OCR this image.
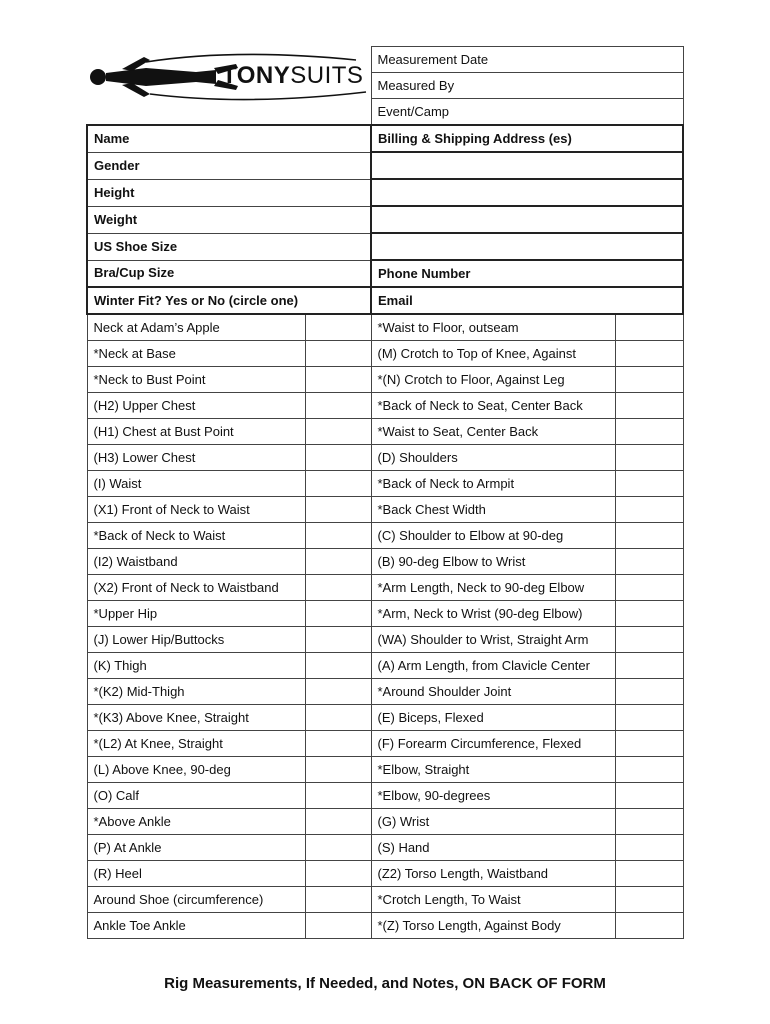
TONYSUITS
		Measurement Date	
		Measured By	
		Event/Camp	
Name		Billing & Shipping Address (es)	
Gender			
Height			
Weight			
US Shoe Size			
Bra/Cup Size		Phone Number	
Winter Fit? Yes or No (circle one)		Email	
Neck at Adam’s Apple		*Waist to Floor, outseam	
*Neck at Base		(M) Crotch to Top of Knee, Against	
*Neck to Bust Point		*(N) Crotch to Floor, Against Leg	
(H2) Upper Chest		*Back of Neck to Seat, Center Back	
(H1) Chest at Bust Point		*Waist to Seat, Center Back	
(H3) Lower Chest		(D) Shoulders	
(I) Waist		*Back of Neck to Armpit	
(X1) Front of Neck to Waist		*Back Chest Width	
*Back of Neck to Waist		(C) Shoulder to Elbow at 90-deg	
(I2) Waistband		(B) 90-deg Elbow to Wrist	
(X2) Front of Neck to Waistband		*Arm Length, Neck to 90-deg Elbow	
*Upper Hip		*Arm, Neck to Wrist (90-deg Elbow)	
(J) Lower Hip/Buttocks		(WA) Shoulder to Wrist, Straight Arm	
(K) Thigh		(A) Arm Length, from Clavicle Center	
*(K2) Mid-Thigh		*Around Shoulder Joint	
*(K3) Above Knee, Straight		(E) Biceps, Flexed	
*(L2) At Knee, Straight		(F) Forearm Circumference, Flexed	
(L) Above Knee, 90-deg		*Elbow, Straight	
(O) Calf		*Elbow, 90-degrees	
*Above Ankle		(G) Wrist	
(P) At Ankle		(S) Hand	
(R) Heel		(Z2) Torso Length, Waistband	
Around Shoe (circumference)		*Crotch Length, To Waist	
Ankle Toe Ankle		*(Z) Torso Length, Against Body	
Rig Measurements, If Needed, and Notes, ON BACK OF FORM
